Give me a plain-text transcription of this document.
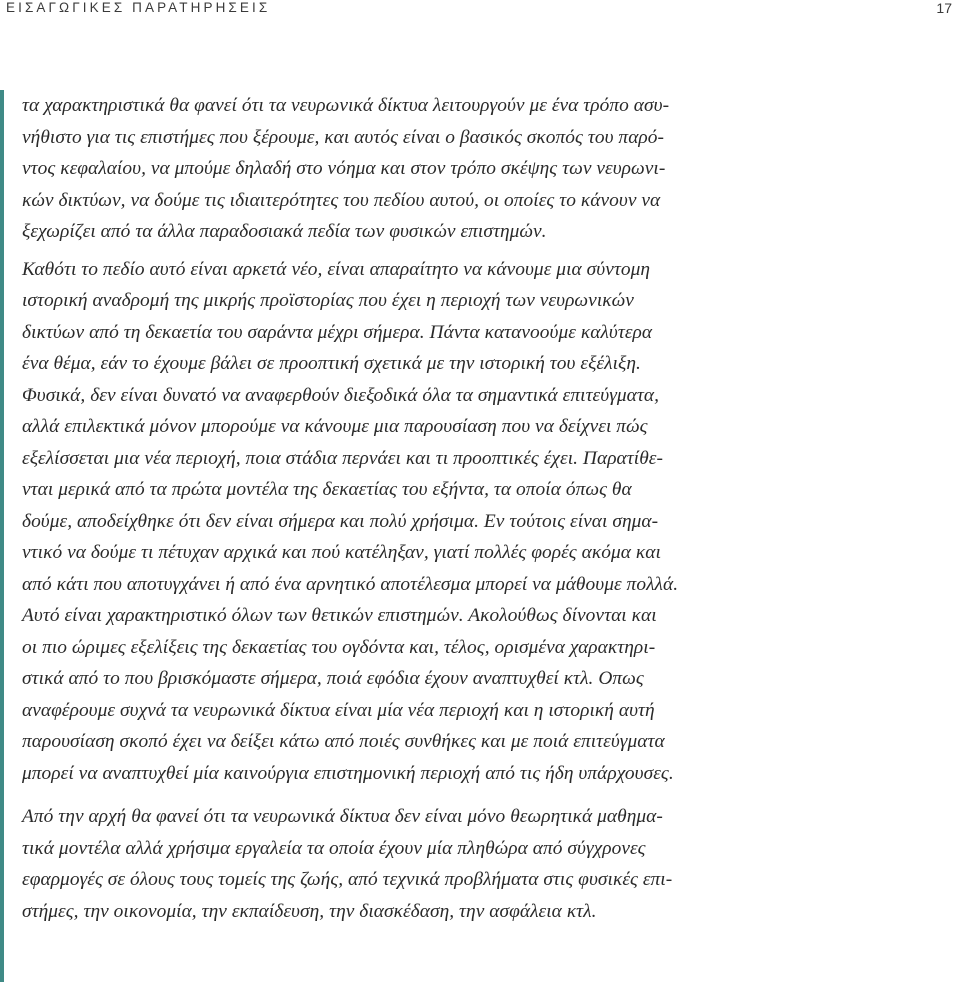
ΕΙΣΑΓΩΓΙΚΕΣ ΠΑΡΑΤΗΡΗΣΕΙΣ	17
τα χαρακτηριστικά θα φανεί ότι τα νευρωνικά δίκτυα λειτουργούν με ένα τρόπο ασυ-
νήθιστο για τις επιστήμες που ξέρουμε, και αυτός είναι ο βασικός σκοπός του παρό-
ντος κεφαλαίου, να μπούμε δηλαδή στο νόημα και στον τρόπο σκέψης των νευρωνι-
κών δικτύων, να δούμε τις ιδιαιτερότητες του πεδίου αυτού, οι οποίες το κάνουν να
ξεχωρίζει από τα άλλα παραδοσιακά πεδία των φυσικών επιστημών.
Καθότι το πεδίο αυτό είναι αρκετά νέο, είναι απαραίτητο να κάνουμε μια σύντομη
ιστορική αναδρομή της μικρής προϊστορίας που έχει η περιοχή των νευρωνικών
δικτύων από τη δεκαετία του σαράντα μέχρι σήμερα. Πάντα κατανοούμε καλύτερα
ένα θέμα, εάν το έχουμε βάλει σε προοπτική σχετικά με την ιστορική του εξέλιξη.
Φυσικά, δεν είναι δυνατό να αναφερθούν διεξοδικά όλα τα σημαντικά επιτεύγματα,
αλλά επιλεκτικά μόνον μπορούμε να κάνουμε μια παρουσίαση που να δείχνει πώς
εξελίσσεται μια νέα περιοχή, ποια στάδια περνάει και τι προοπτικές έχει. Παρατίθε-
νται μερικά από τα πρώτα μοντέλα της δεκαετίας του εξήντα, τα οποία όπως θα
δούμε, αποδείχθηκε ότι δεν είναι σήμερα και πολύ χρήσιμα. Εν τούτοις είναι σημα-
ντικό να δούμε τι πέτυχαν αρχικά και πού κατέληξαν, γιατί πολλές φορές ακόμα και
από κάτι που αποτυγχάνει ή από ένα αρνητικό αποτέλεσμα μπορεί να μάθουμε πολλά.
Αυτό είναι χαρακτηριστικό όλων των θετικών επιστημών. Ακολούθως δίνονται και
οι πιο ώριμες εξελίξεις της δεκαετίας του ογδόντα και, τέλος, ορισμένα χαρακτηρι-
στικά από το που βρισκόμαστε σήμερα, ποιά εφόδια έχουν αναπτυχθεί κτλ. Οπως
αναφέρουμε συχνά τα νευρωνικά δίκτυα είναι μία νέα περιοχή και η ιστορική αυτή
παρουσίαση σκοπό έχει να δείξει κάτω από ποιές συνθήκες και με ποιά επιτεύγματα
μπορεί να αναπτυχθεί μία καινούργια επιστημονική περιοχή από τις ήδη υπάρχουσες.
Από την αρχή θα φανεί ότι τα νευρωνικά δίκτυα δεν είναι μόνο θεωρητικά μαθημα-
τικά μοντέλα αλλά χρήσιμα εργαλεία τα οποία έχουν μία πληθώρα από σύγχρονες
εφαρμογές σε όλους τους τομείς της ζωής, από τεχνικά προβλήματα στις φυσικές επι-
στήμες, την οικονομία, την εκπαίδευση, την διασκέδαση, την ασφάλεια κτλ.
